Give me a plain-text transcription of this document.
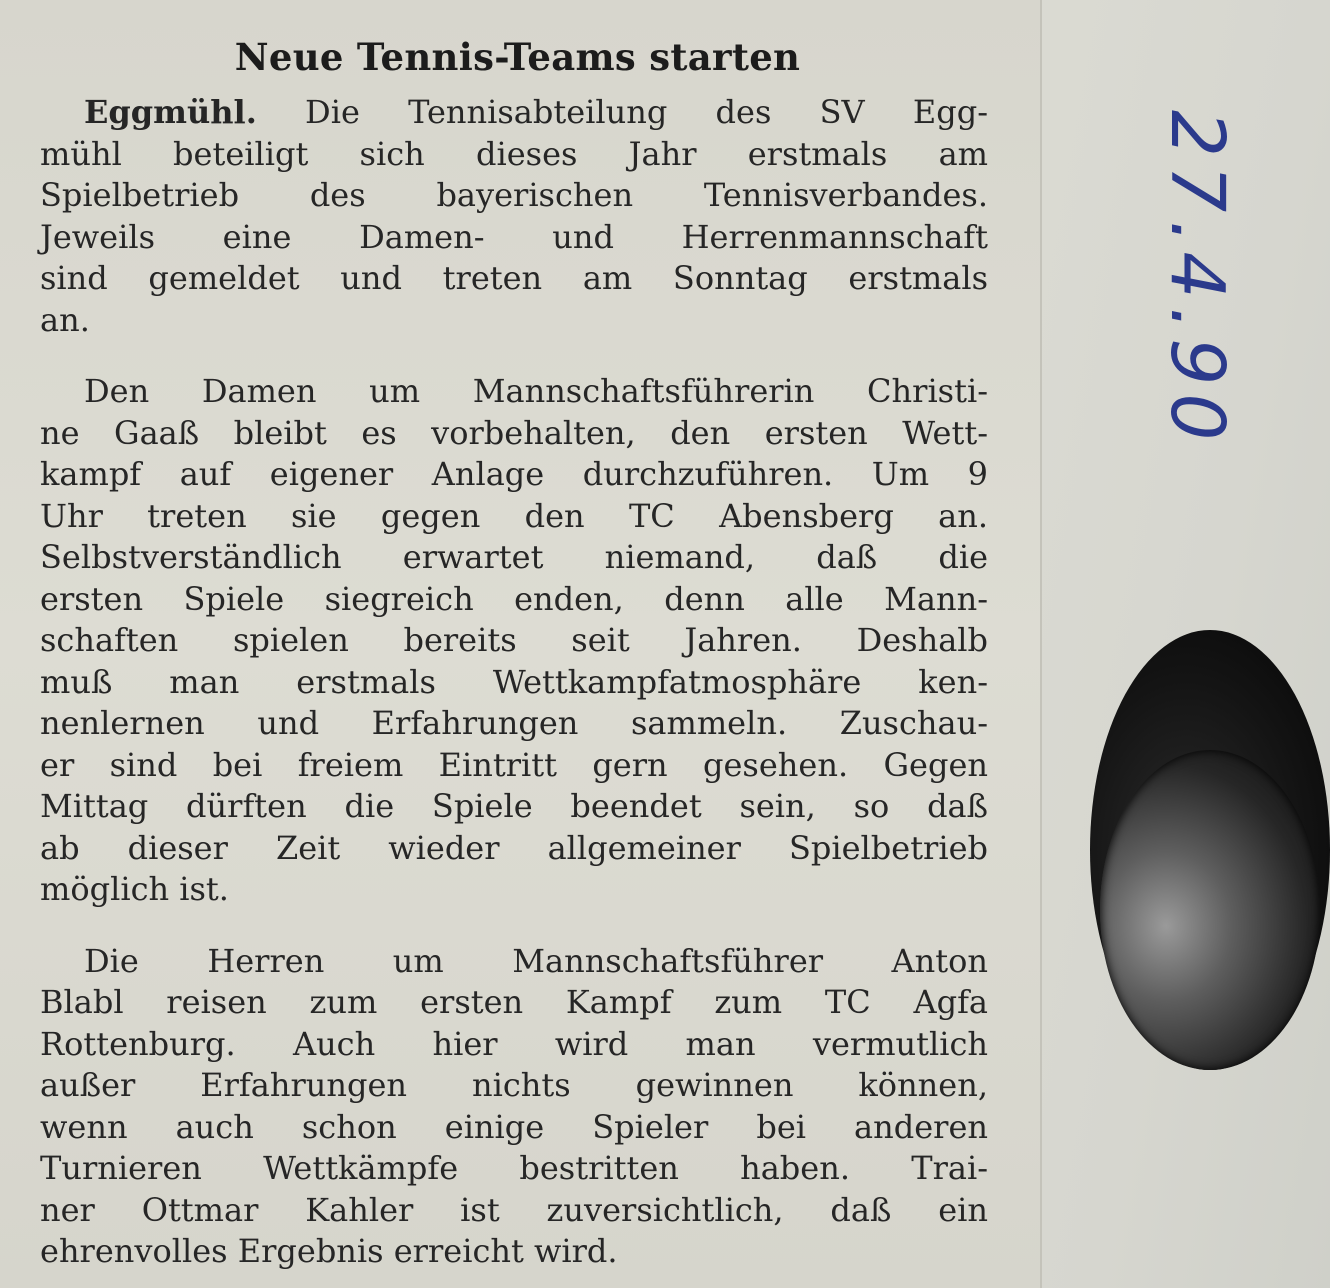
Neue Tennis-Teams starten

Eggmühl. Die Tennisabteilung des SV Egg-
mühl beteiligt sich dieses Jahr erstmals am
Spielbetrieb des bayerischen Tennisverbandes.
Jeweils eine Damen- und Herrenmannschaft
sind gemeldet und treten am Sonntag erstmals
an.

Den Damen um Mannschaftsführerin Christi-
ne Gaaß bleibt es vorbehalten, den ersten Wett-
kampf auf eigener Anlage durchzuführen. Um 9
Uhr treten sie gegen den TC Abensberg an.
Selbstverständlich erwartet niemand, daß die
ersten Spiele siegreich enden, denn alle Mann-
schaften spielen bereits seit Jahren. Deshalb
muß man erstmals Wettkampfatmosphäre ken-
nenlernen und Erfahrungen sammeln. Zuschau-
er sind bei freiem Eintritt gern gesehen. Gegen
Mittag dürften die Spiele beendet sein, so daß
ab dieser Zeit wieder allgemeiner Spielbetrieb
möglich ist.

Die Herren um Mannschaftsführer Anton
Blabl reisen zum ersten Kampf zum TC Agfa
Rottenburg. Auch hier wird man vermutlich
außer Erfahrungen nichts gewinnen können,
wenn auch schon einige Spieler bei anderen
Turnieren Wettkämpfe bestritten haben. Trai-
ner Ottmar Kahler ist zuversichtlich, daß ein
ehrenvolles Ergebnis erreicht wird.

27.4.90
